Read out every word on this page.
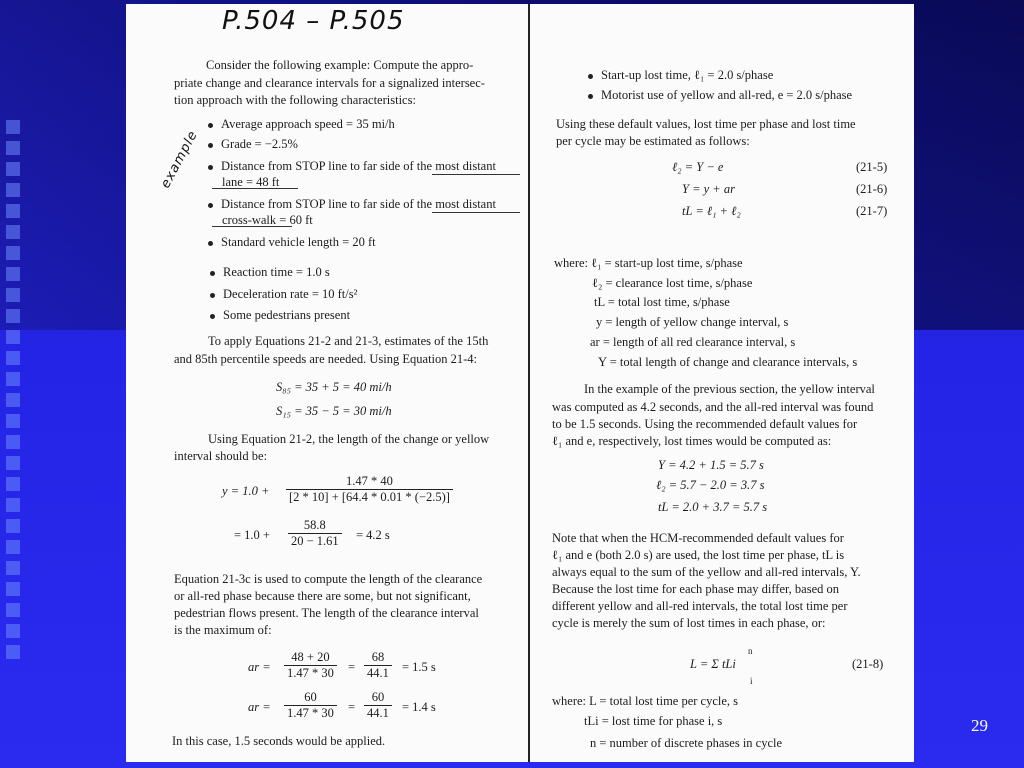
P.504 – P.505
example
Consider the following example: Compute the appro-
priate change and clearance intervals for a signalized intersec-
tion approach with the following characteristics:
Average approach speed = 35 mi/h
Grade = −2.5%
Distance from STOP line to far side of the most distant
lane = 48 ft
Distance from STOP line to far side of the most distant
cross-walk = 60 ft
Standard vehicle length = 20 ft
Reaction time = 1.0 s
Deceleration rate = 10 ft/s²
Some pedestrians present
To apply Equations 21-2 and 21-3, estimates of the 15th
and 85th percentile speeds are needed. Using Equation 21-4:
S₈₅ = 35 + 5 = 40 mi/h
S₁₅ = 35 − 5 = 30 mi/h
Using Equation 21-2, the length of the change or yellow
interval should be:
y = 1.0 +
1.47 * 40
[2 * 10] + [64.4 * 0.01 * (−2.5)]
= 1.0 +
58.8
20 − 1.61 = 4.2 s
Equation 21-3c is used to compute the length of the clearance
or all-red phase because there are some, but not significant,
pedestrian flows present. The length of the clearance interval
is the maximum of:
ar =
48 + 20
1.47 * 30 =
68
44.1 = 1.5 s
ar =
60
1.47 * 30 =
60
44.1 = 1.4 s
In this case, 1.5 seconds would be applied.
Start-up lost time, ℓ₁ = 2.0 s/phase
Motorist use of yellow and all-red, e = 2.0 s/phase
Using these default values, lost time per phase and lost time
per cycle may be estimated as follows:
ℓ₂ = Y − e	(21-5)
Y = y + ar	(21-6)
tL = ℓ₁ + ℓ₂	(21-7)
where: ℓ₁ = start-up lost time, s/phase
ℓ₂ = clearance lost time, s/phase
tL = total lost time, s/phase
y = length of yellow change interval, s
ar = length of all red clearance interval, s
Y = total length of change and clearance intervals, s
In the example of the previous section, the yellow interval
was computed as 4.2 seconds, and the all-red interval was found
to be 1.5 seconds. Using the recommended default values for
ℓ₁ and e, respectively, lost times would be computed as:
Y = 4.2 + 1.5 = 5.7 s
ℓ₂ = 5.7 − 2.0 = 3.7 s
tL = 2.0 + 3.7 = 5.7 s
Note that when the HCM-recommended default values for
ℓ₁ and e (both 2.0 s) are used, the lost time per phase, tL is
always equal to the sum of the yellow and all-red intervals, Y.
Because the lost time for each phase may differ, based on
different yellow and all-red intervals, the total lost time per
cycle is merely the sum of lost times in each phase, or:
n
L = Σ tLi
i
(21-8)
where: L = total lost time per cycle, s
tLi = lost time for phase i, s
n = number of discrete phases in cycle
29
